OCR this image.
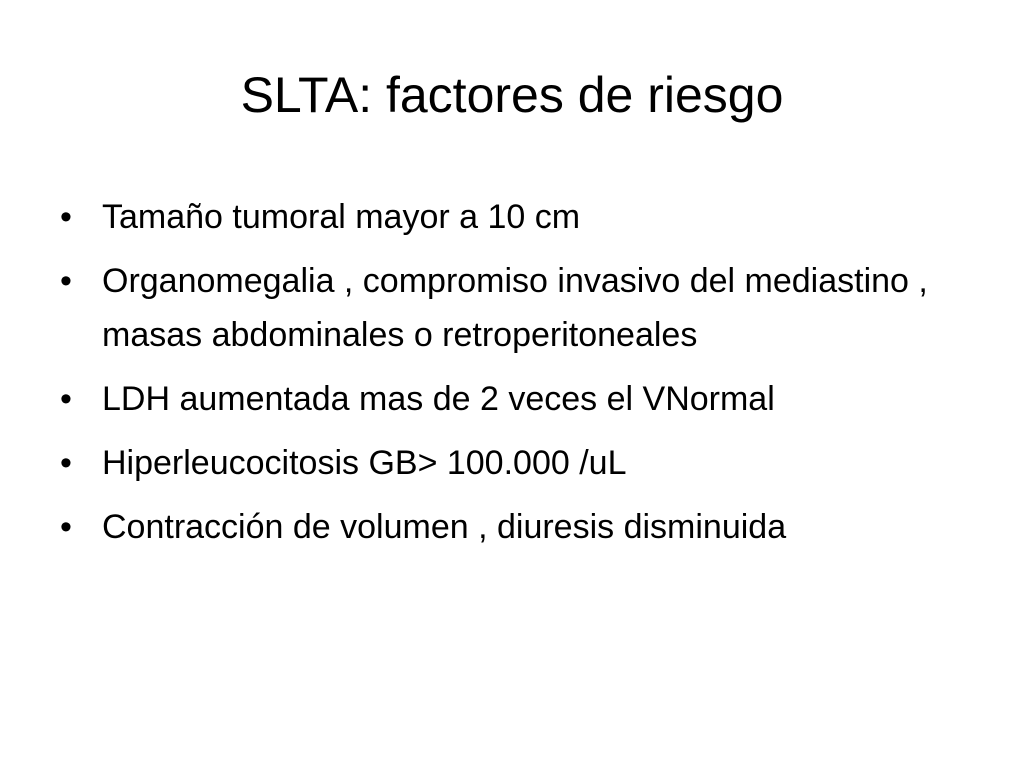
SLTA: factores de riesgo
• Tamaño tumoral mayor a 10 cm
• Organomegalia , compromiso invasivo del mediastino , masas abdominales o retroperitoneales
• LDH aumentada mas de 2 veces el VNormal
• Hiperleucocitosis GB> 100.000 /uL
• Contracción de volumen , diuresis disminuida
